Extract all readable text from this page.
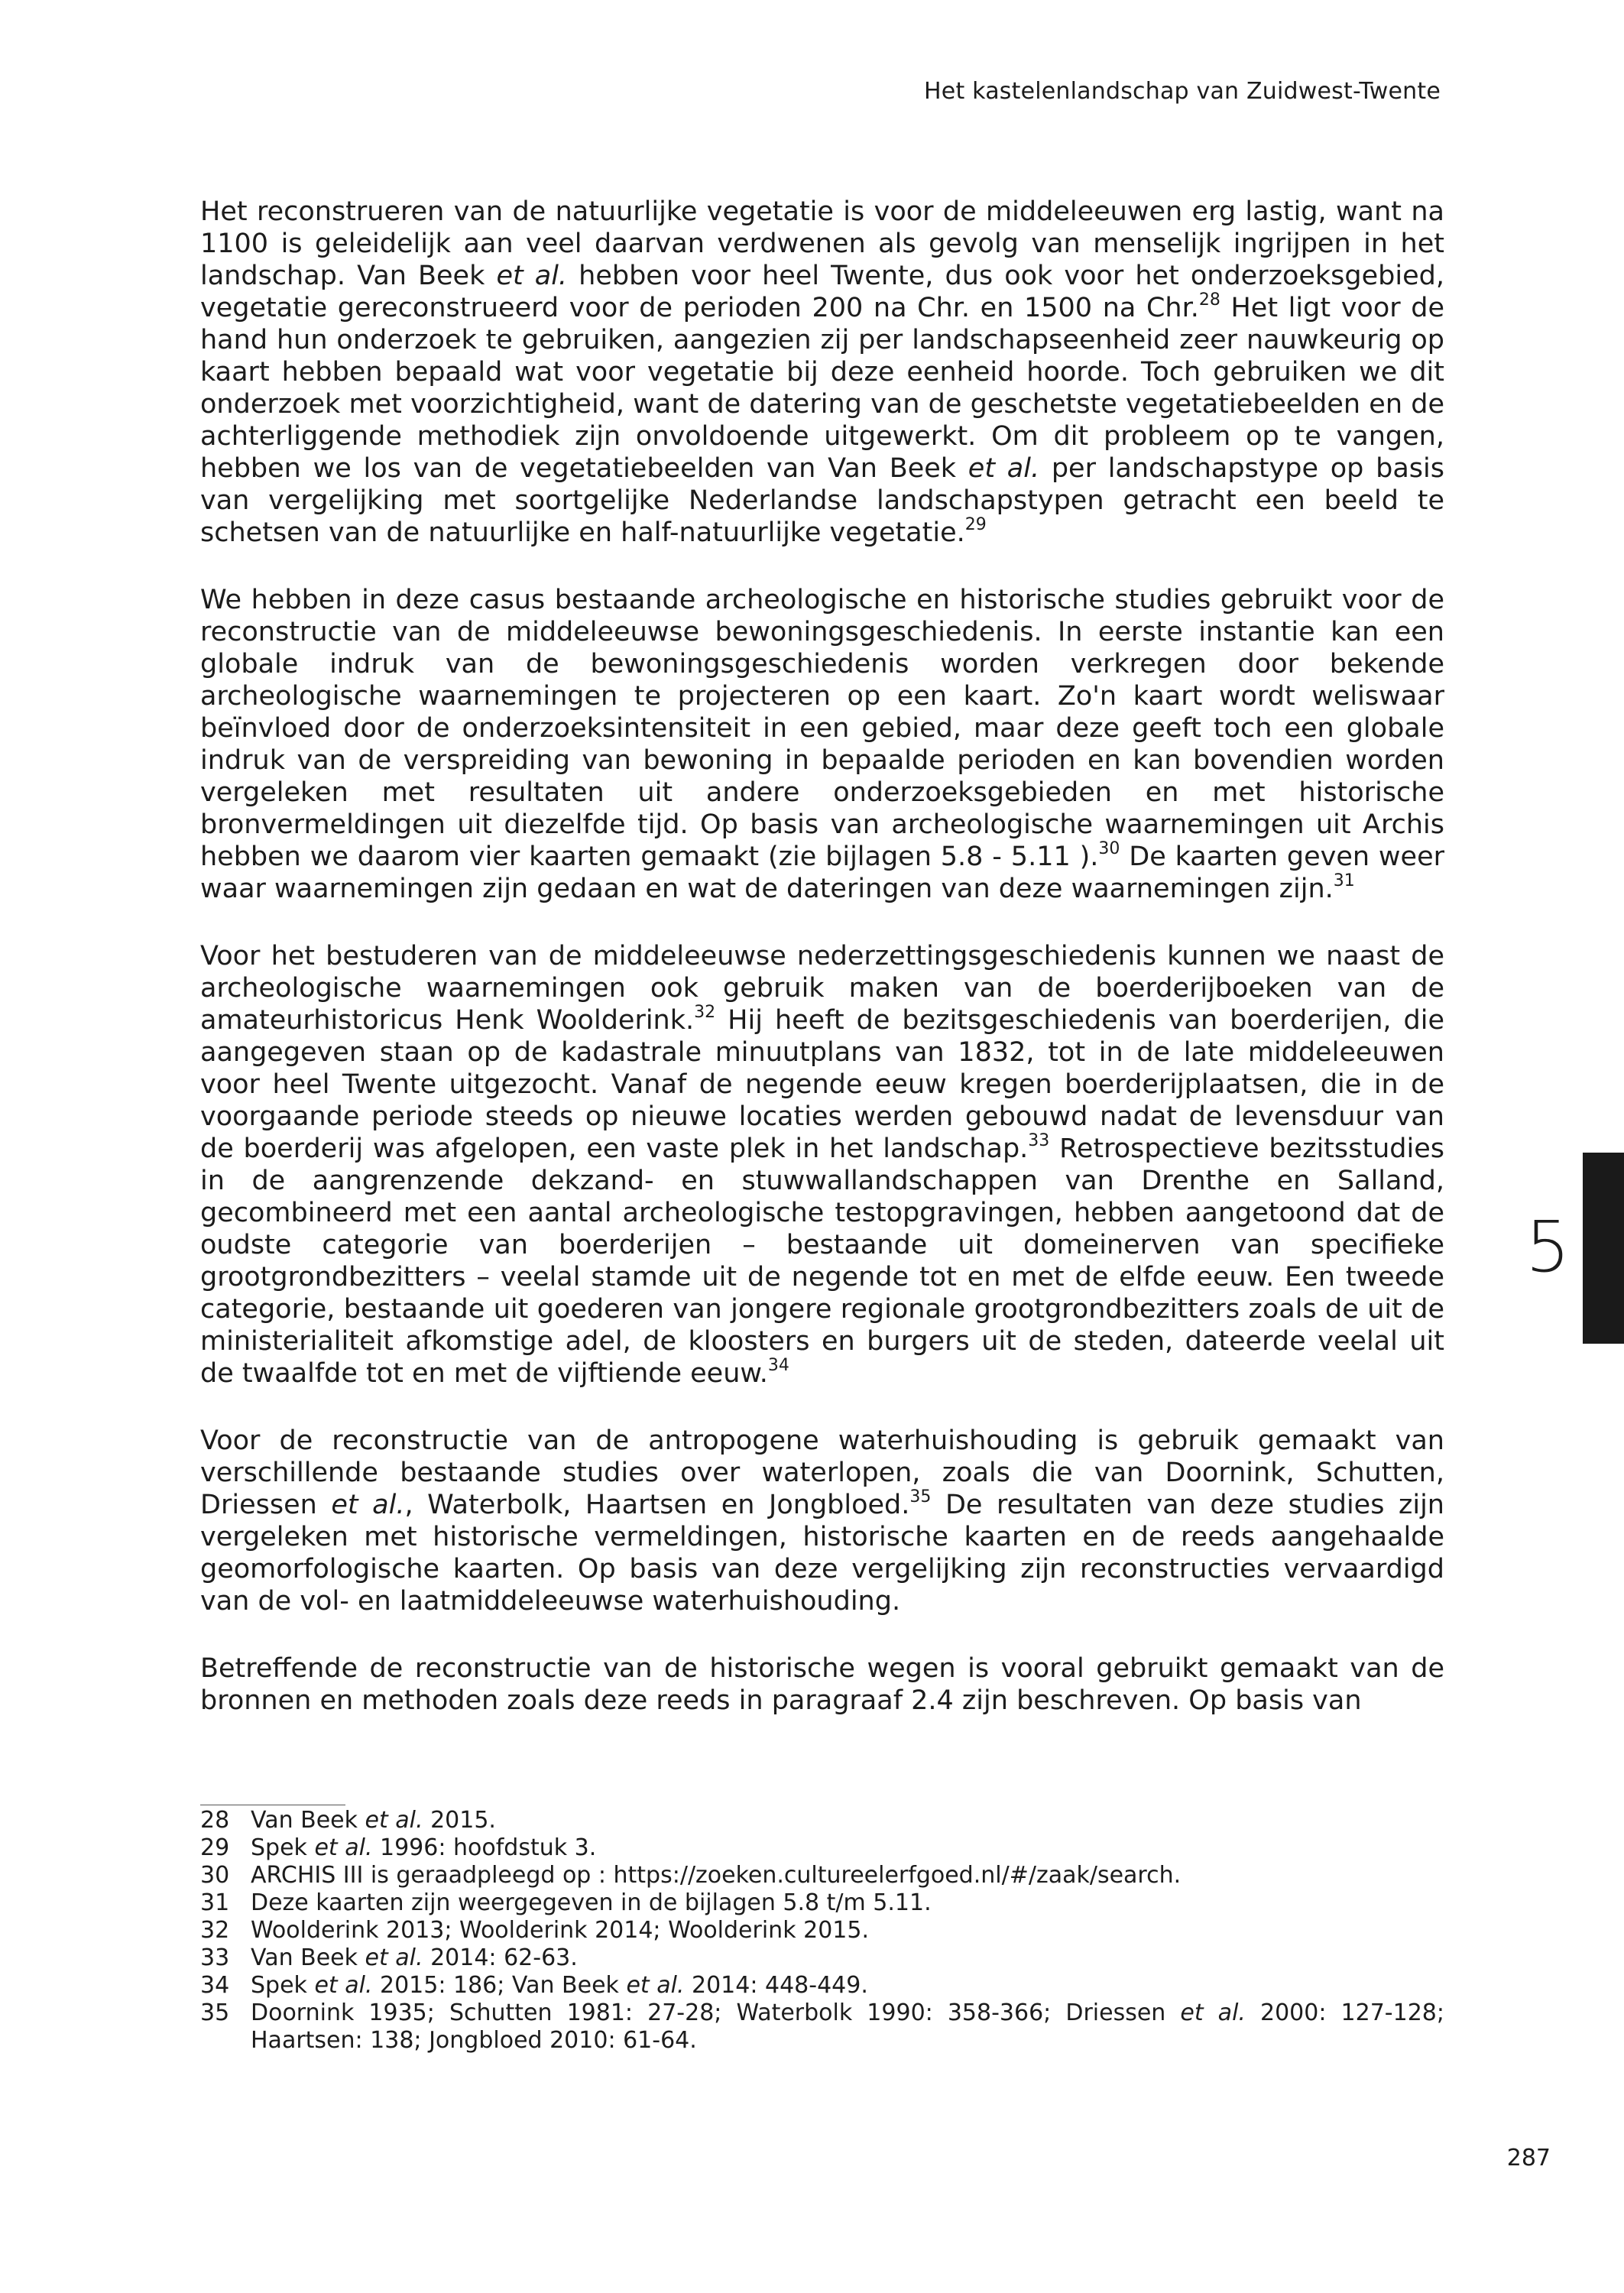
Het kastelenlandschap van Zuidwest-Twente
5

Het reconstrueren van de natuurlijke vegetatie is voor de middeleeuwen erg lastig, want na 1100 is geleidelijk aan veel daarvan verdwenen als gevolg van menselijk ingrijpen in het landschap. Van Beek et al. hebben voor heel Twente, dus ook voor het onderzoeksgebied, vegetatie gereconstrueerd voor de perioden 200 na Chr. en 1500 na Chr.$^{28}$ Het ligt voor de hand hun onderzoek te gebruiken, aangezien zij per landschapseenheid zeer nauwkeurig op kaart hebben bepaald wat voor vegetatie bij deze eenheid hoorde. Toch gebruiken we dit onderzoek met voorzichtigheid, want de datering van de geschetste vegetatiebeelden en de achterliggende methodiek zijn onvoldoende uitgewerkt. Om dit probleem op te vangen, hebben we los van de vegetatiebeelden van Van Beek et al. per landschapstype op basis van vergelijking met soortgelijke Nederlandse landschapstypen getracht een beeld te schetsen van de natuurlijke en half-natuurlijke vegetatie.$^{29}$

We hebben in deze casus bestaande archeologische en historische studies gebruikt voor de reconstructie van de middeleeuwse bewoningsgeschiedenis. In eerste instantie kan een globale indruk van de bewoningsgeschiedenis worden verkregen door bekende archeologische waarnemingen te projecteren op een kaart. Zo'n kaart wordt weliswaar beïnvloed door de onderzoeksintensiteit in een gebied, maar deze geeft toch een globale indruk van de verspreiding van bewoning in bepaalde perioden en kan bovendien worden vergeleken met resultaten uit andere onderzoeksgebieden en met historische bronvermeldingen uit diezelfde tijd. Op basis van archeologische waarnemingen uit Archis hebben we daarom vier kaarten gemaakt (zie bijlagen 5.8 - 5.11 ).$^{30}$ De kaarten geven weer waar waarnemingen zijn gedaan en wat de dateringen van deze waarnemingen zijn.$^{31}$

Voor het bestuderen van de middeleeuwse nederzettingsgeschiedenis kunnen we naast de archeologische waarnemingen ook gebruik maken van de boerderijboeken van de amateurhistoricus Henk Woolderink.$^{32}$ Hij heeft de bezitsgeschiedenis van boerderijen, die aangegeven staan op de kadastrale minuutplans van 1832, tot in de late middeleeuwen voor heel Twente uitgezocht. Vanaf de negende eeuw kregen boerderijplaatsen, die in de voorgaande periode steeds op nieuwe locaties werden gebouwd nadat de levensduur van de boerderij was afgelopen, een vaste plek in het landschap.$^{33}$ Retrospectieve bezitsstudies in de aangrenzende dekzand- en stuwwallandschappen van Drenthe en Salland, gecombineerd met een aantal archeologische testopgravingen, hebben aangetoond dat de oudste categorie van boerderijen – bestaande uit domeinerven van specifieke grootgrondbezitters – veelal stamde uit de negende tot en met de elfde eeuw. Een tweede categorie, bestaande uit goederen van jongere regionale grootgrondbezitters zoals de uit de ministerialiteit afkomstige adel, de kloosters en burgers uit de steden, dateerde veelal uit de twaalfde tot en met de vijftiende eeuw.$^{34}$

Voor de reconstructie van de antropogene waterhuishouding is gebruik gemaakt van verschillende bestaande studies over waterlopen, zoals die van Doornink, Schutten, Driessen et al., Waterbolk, Haartsen en Jongbloed.$^{35}$ De resultaten van deze studies zijn vergeleken met historische vermeldingen, historische kaarten en de reeds aangehaalde geomorfologische kaarten. Op basis van deze vergelijking zijn reconstructies vervaardigd van de vol- en laatmiddeleeuwse waterhuishouding.

Betreffende de reconstructie van de historische wegen is vooral gebruikt gemaakt van de bronnen en methoden zoals deze reeds in paragraaf 2.4 zijn beschreven. Op basis van

28 Van Beek et al. 2015.
29 Spek et al. 1996: hoofdstuk 3.
30 ARCHIS III is geraadpleegd op : https://zoeken.cultureelerfgoed.nl/#/zaak/search.
31 Deze kaarten zijn weergegeven in de bijlagen 5.8 t/m 5.11.
32 Woolderink 2013; Woolderink 2014; Woolderink 2015.
33 Van Beek et al. 2014: 62-63.
34 Spek et al. 2015: 186; Van Beek et al. 2014: 448-449.
35 Doornink 1935; Schutten 1981: 27-28; Waterbolk 1990: 358-366; Driessen et al. 2000: 127-128; Haartsen: 138; Jongbloed 2010: 61-64.
287
